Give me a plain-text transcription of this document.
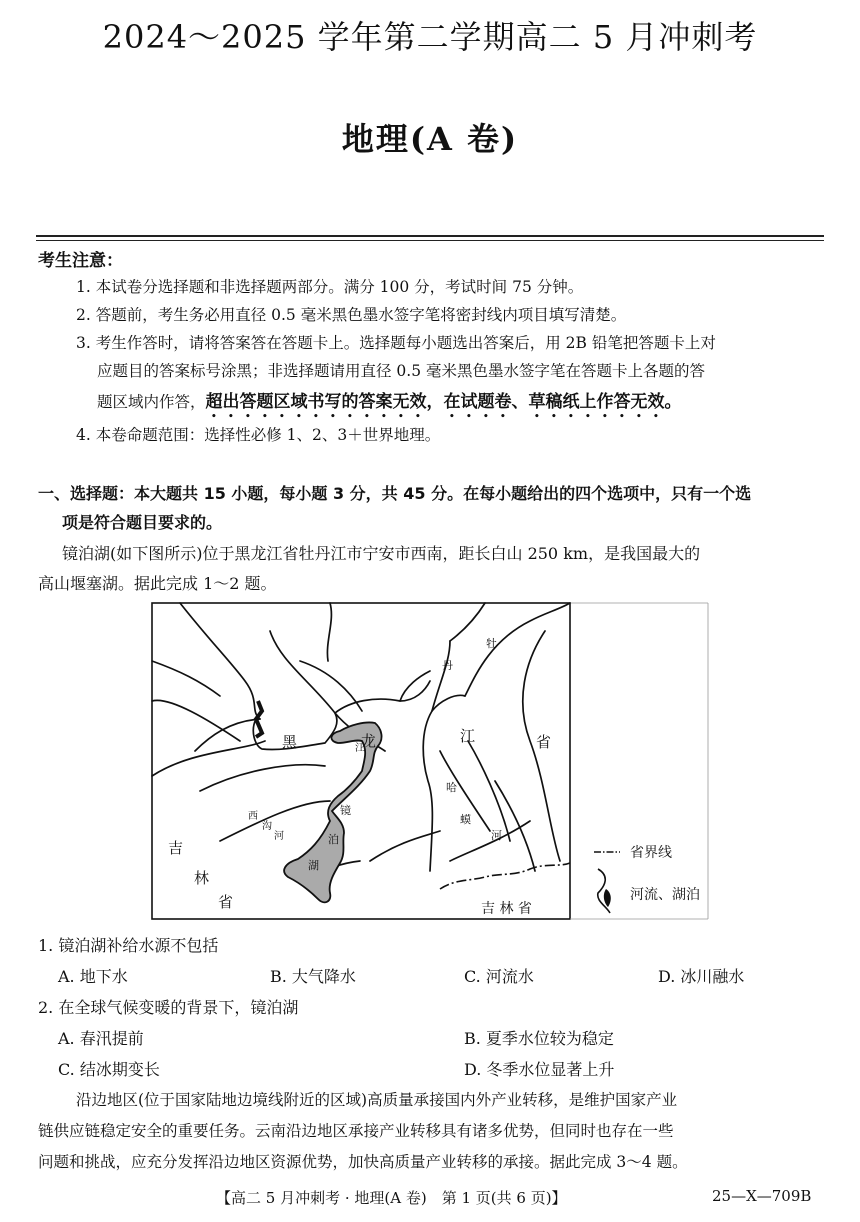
2024～2025 学年第二学期高二 5 月冲刺考
地理(A 卷)
考生注意：
1. 本试卷分选择题和非选择题两部分。满分 100 分，考试时间 75 分钟。
2. 答题前，考生务必用直径 0.5 毫米黑色墨水签字笔将密封线内项目填写清楚。
3. 考生作答时，请将答案答在答题卡上。选择题每小题选出答案后，用 2B 铅笔把答题卡上对
应题目的答案标号涂黑；非选择题请用直径 0.5 毫米黑色墨水签字笔在答题卡上各题的答
题区域内作答，超出答题区域书写的答案无效，在试题卷、草稿纸上作答无效。
4. 本卷命题范围：选择性必修 1、2、3＋世界地理。
一、选择题：本大题共 15 小题，每小题 3 分，共 45 分。在每小题给出的四个选项中，只有一个选
项是符合题目要求的。
镜泊湖(如下图所示)位于黑龙江省牡丹江市宁安市西南，距长白山 250 km，是我国最大的
高山堰塞湖。据此完成 1～2 题。
黑	龙
江
江	省
牡
丹
哈
蟆
河
西
沟
河
镜
泊
湖
吉
林
省	吉 林 省
省界线
河流、湖泊
1. 镜泊湖补给水源不包括
A. 地下水	B. 大气降水	C. 河流水	D. 冰川融水
2. 在全球气候变暖的背景下，镜泊湖
A. 春汛提前	B. 夏季水位较为稳定
C. 结冰期变长	D. 冬季水位显著上升
沿边地区(位于国家陆地边境线附近的区域)高质量承接国内外产业转移，是维护国家产业
链供应链稳定安全的重要任务。云南沿边地区承接产业转移具有诸多优势，但同时也存在一些
问题和挑战，应充分发挥沿边地区资源优势，加快高质量产业转移的承接。据此完成 3～4 题。
【高二 5 月冲刺考 · 地理(A 卷)　第 1 页(共 6 页)】	25—X—709B
